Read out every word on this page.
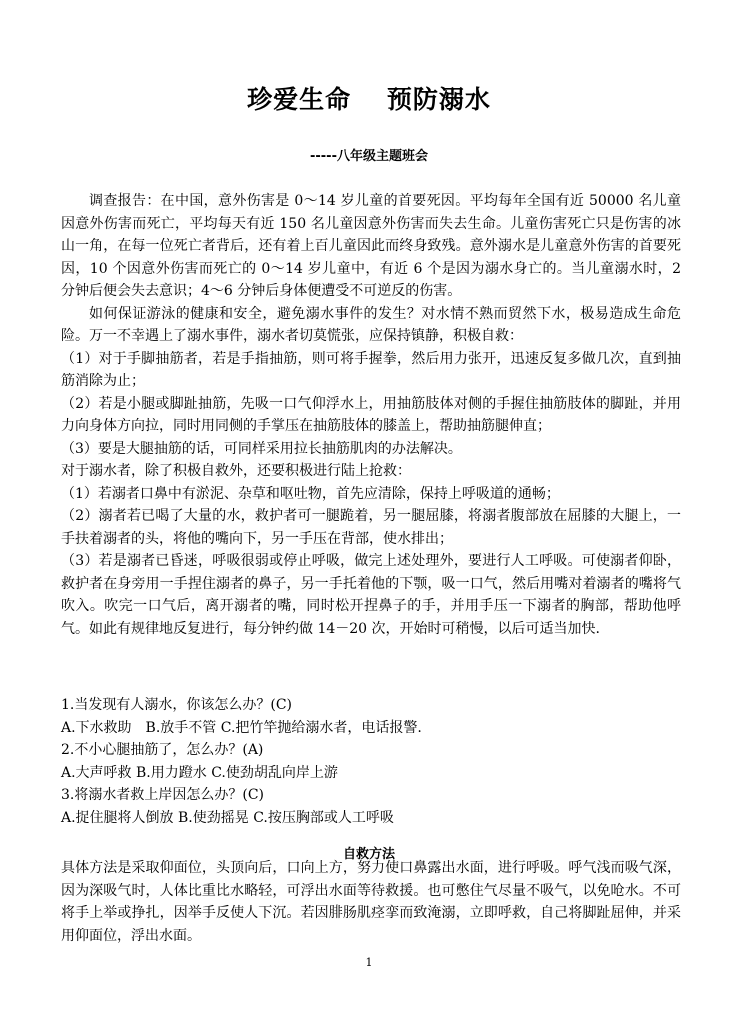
珍爱生命　 预防溺水
-----八年级主题班会

调查报告：在中国，意外伤害是 0～14 岁儿童的首要死因。平均每年全国有近 50000 名儿童因意外伤害而死亡，平均每天有近 150 名儿童因意外伤害而失去生命。儿童伤害死亡只是伤害的冰山一角，在每一位死亡者背后，还有着上百儿童因此而终身致残。意外溺水是儿童意外伤害的首要死因，10 个因意外伤害而死亡的 0～14 岁儿童中，有近 6 个是因为溺水身亡的。当儿童溺水时，2 分钟后便会失去意识；4～6 分钟后身体便遭受不可逆反的伤害。

如何保证游泳的健康和安全，避免溺水事件的发生？对水情不熟而贸然下水，极易造成生命危险。万一不幸遇上了溺水事件，溺水者切莫慌张，应保持镇静，积极自救：

（1）对于手脚抽筋者，若是手指抽筋，则可将手握拳，然后用力张开，迅速反复多做几次，直到抽筋消除为止；

（2）若是小腿或脚趾抽筋，先吸一口气仰浮水上，用抽筋肢体对侧的手握住抽筋肢体的脚趾，并用力向身体方向拉，同时用同侧的手掌压在抽筋肢体的膝盖上，帮助抽筋腿伸直；

（3）要是大腿抽筋的话，可同样采用拉长抽筋肌肉的办法解决。

对于溺水者，除了积极自救外，还要积极进行陆上抢救：

（1）若溺者口鼻中有淤泥、杂草和呕吐物，首先应清除，保持上呼吸道的通畅；

（2）溺者若已喝了大量的水，救护者可一腿跪着，另一腿屈膝，将溺者腹部放在屈膝的大腿上，一手扶着溺者的头，将他的嘴向下，另一手压在背部，使水排出；

（3）若是溺者已昏迷，呼吸很弱或停止呼吸，做完上述处理外，要进行人工呼吸。可使溺者仰卧，救护者在身旁用一手捏住溺者的鼻子，另一手托着他的下颚，吸一口气，然后用嘴对着溺者的嘴将气吹入。吹完一口气后，离开溺者的嘴，同时松开捏鼻子的手，并用手压一下溺者的胸部，帮助他呼气。如此有规律地反复进行，每分钟约做 14－20 次，开始时可稍慢，以后可适当加快.

1.当发现有人溺水，你该怎么办？(C)

A.下水救助　B.放手不管 C.把竹竿抛给溺水者，电话报警.

2.不小心腿抽筋了，怎么办？(A)

A.大声呼救 B.用力蹬水 C.使劲胡乱向岸上游

3.将溺水者救上岸因怎么办？(C)

A.捉住腿将人倒放 B.使劲摇晃 C.按压胸部或人工呼吸

自救方法

具体方法是采取仰面位，头顶向后，口向上方，努力使口鼻露出水面，进行呼吸。呼气浅而吸气深，因为深吸气时，人体比重比水略轻，可浮出水面等待救援。也可憋住气尽量不吸气，以免呛水。不可将手上举或挣扎，因举手反使人下沉。若因腓肠肌痉挛而致淹溺，立即呼救，自己将脚趾屈伸，并采用仰面位，浮出水面。

1
